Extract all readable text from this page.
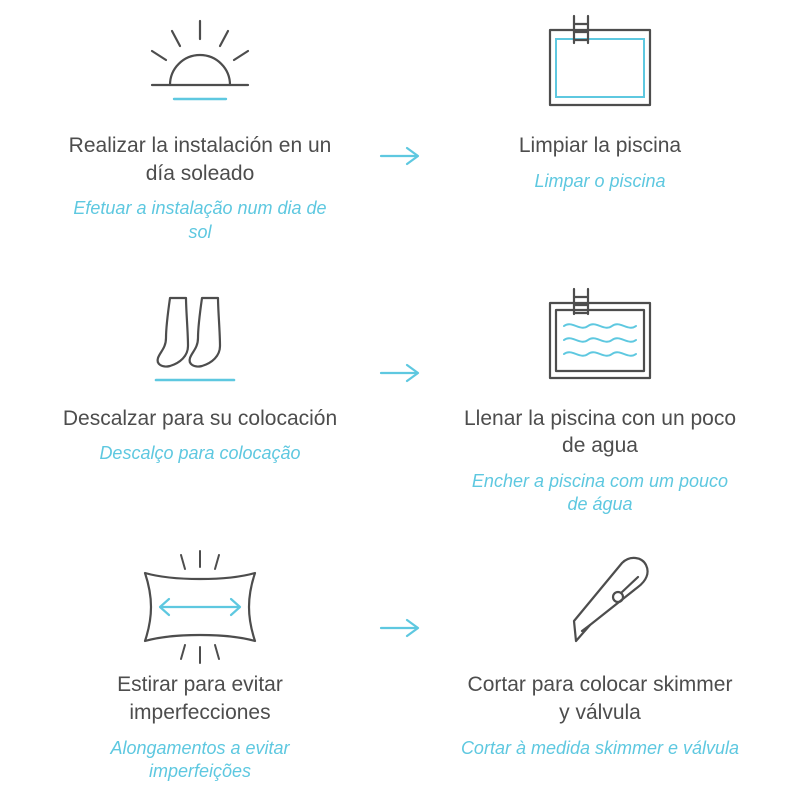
Realizar la instalación en un día soleado
Efetuar a instalação num dia de sol
Limpiar la piscina
Limpar o piscina
Descalzar para su colocación
Descalço para colocação
Llenar la piscina con un poco de agua
Encher a piscina com um pouco de água
Estirar para evitar imperfecciones
Alongamentos a evitar imperfeições
Cortar para colocar skimmer y válvula
Cortar à medida skimmer e válvula
